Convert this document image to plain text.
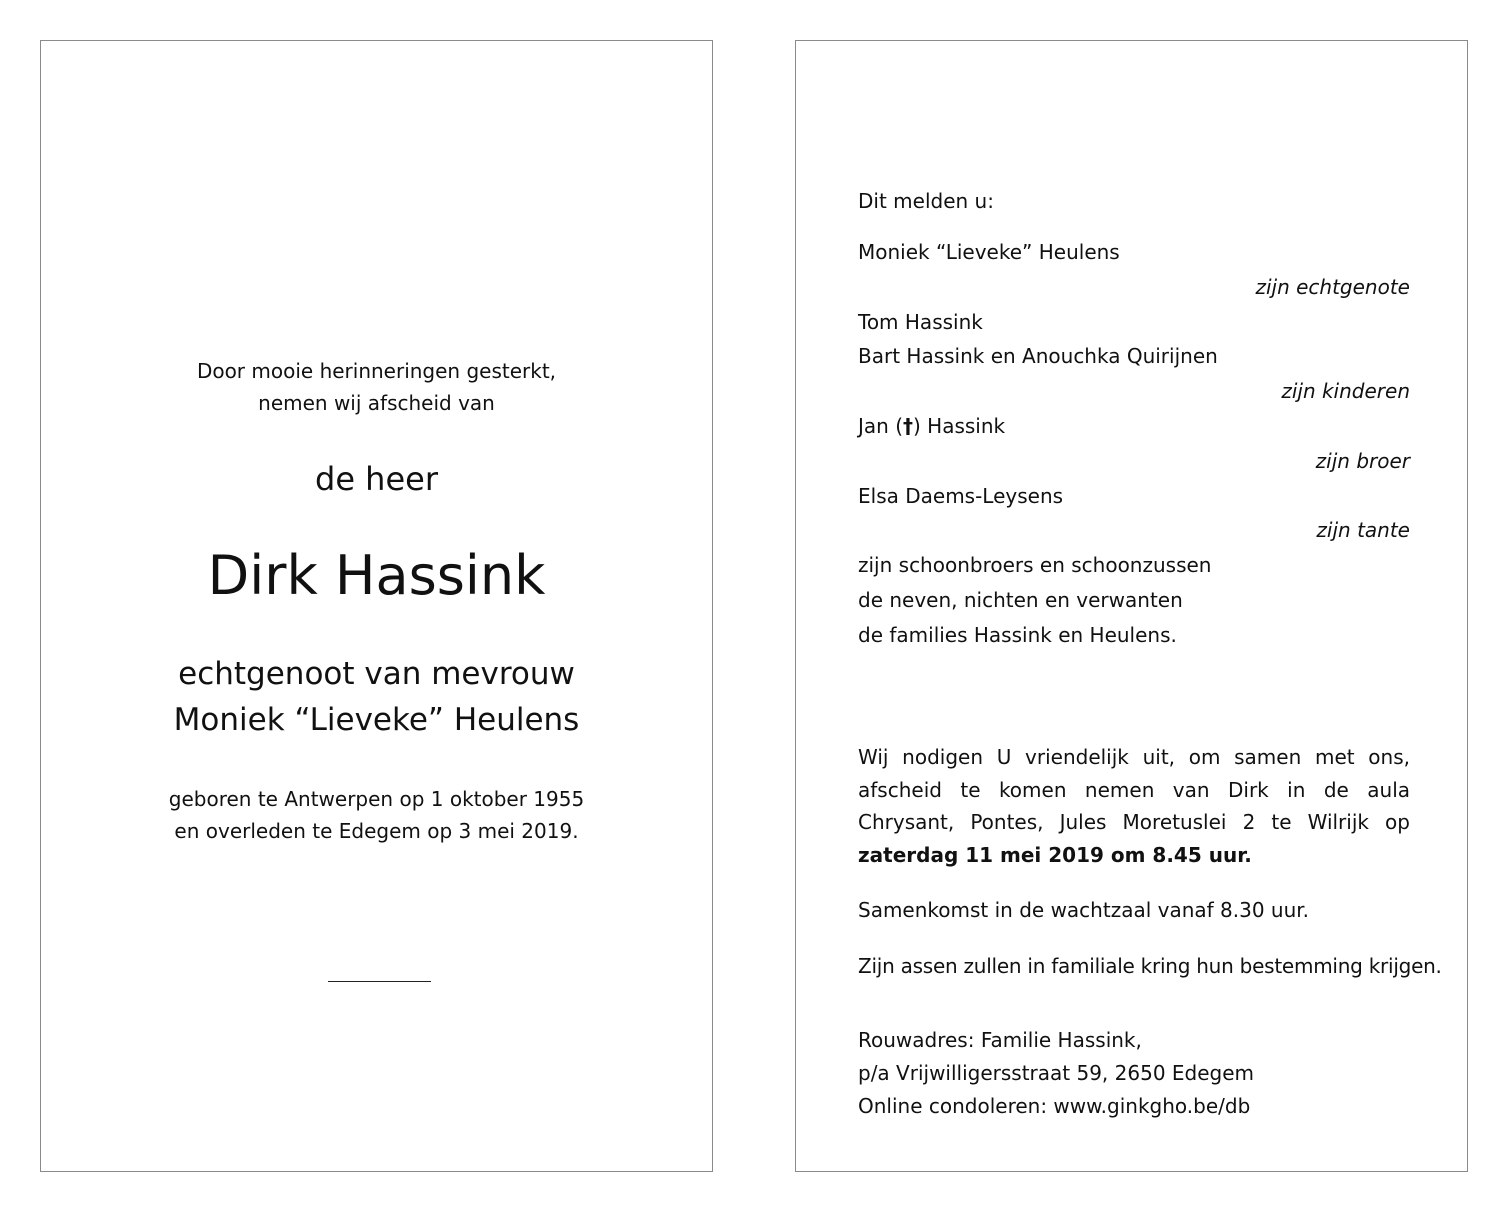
Door mooie herinneringen gesterkt,
nemen wij afscheid van
de heer
Dirk Hassink
echtgenoot van mevrouw
Moniek “Lieveke” Heulens
geboren te Antwerpen op 1 oktober 1955
en overleden te Edegem op 3 mei 2019.
Dit melden u:
Moniek “Lieveke” Heulens
zijn echtgenote
Tom Hassink
Bart Hassink en Anouchka Quirijnen
zijn kinderen
Jan (†) Hassink
zijn broer
Elsa Daems-Leysens
zijn tante
zijn schoonbroers en schoonzussen
de neven, nichten en verwanten
de families Hassink en Heulens.
Wij nodigen U vriendelijk uit, om samen met ons, afscheid te komen nemen van Dirk in de aula Chrysant, Pontes, Jules Moretuslei 2 te Wilrijk op zaterdag 11 mei 2019 om 8.45 uur.
Samenkomst in de wachtzaal vanaf 8.30 uur.
Zijn assen zullen in familiale kring hun bestemming krijgen.
Rouwadres: Familie Hassink,
p/a Vrijwilligersstraat 59, 2650 Edegem
Online condoleren: www.ginkgho.be/db
